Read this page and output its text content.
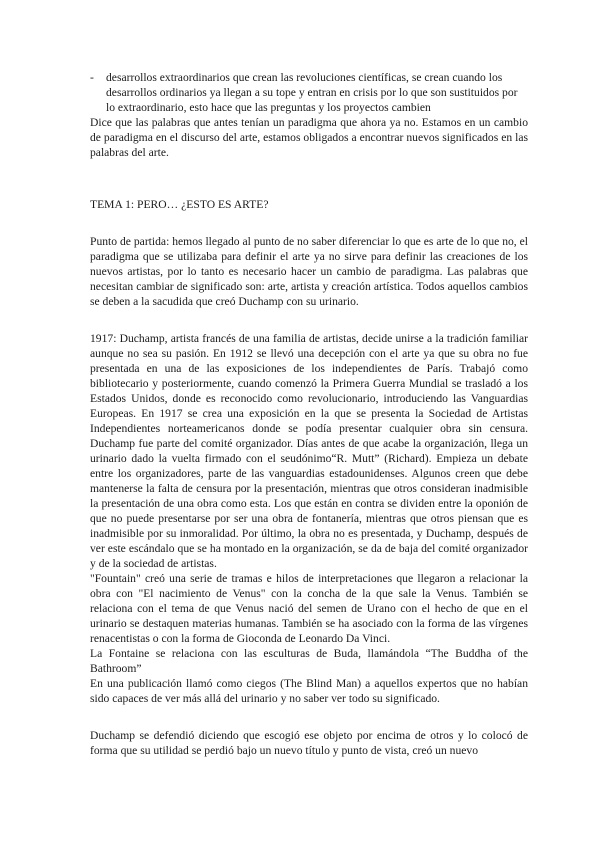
-	desarrollos extraordinarios que crean las revoluciones científicas, se crean cuando los desarrollos ordinarios ya llegan a su tope y entran en crisis por lo que son sustituidos por lo extraordinario, esto hace que las preguntas y los proyectos cambien

Dice que las palabras que antes tenían un paradigma que ahora ya no. Estamos en un cambio de paradigma en el discurso del arte, estamos obligados a encontrar nuevos significados en las palabras del arte.

TEMA 1: PERO… ¿ESTO ES ARTE?

Punto de partida: hemos llegado al punto de no saber diferenciar lo que es arte de lo que no, el paradigma que se utilizaba para definir el arte ya no sirve para definir las creaciones de los nuevos artistas, por lo tanto es necesario hacer un cambio de paradigma. Las palabras que necesitan cambiar de significado son: arte, artista y creación artística. Todos aquellos cambios se deben a la sacudida que creó Duchamp con su urinario.

1917: Duchamp, artista francés de una familia de artistas, decide unirse a la tradición familiar aunque no sea su pasión. En 1912 se llevó una decepción con el arte ya que su obra no fue presentada en una de las exposiciones de los independientes de París. Trabajó como bibliotecario y posteriormente, cuando comenzó la Primera Guerra Mundial se trasladó a los Estados Unidos, donde es reconocido como revolucionario, introduciendo las Vanguardias Europeas. En 1917 se crea una exposición en la que se presenta la Sociedad de Artistas Independientes norteamericanos donde se podía presentar cualquier obra sin censura. Duchamp fue parte del comité organizador. Días antes de que acabe la organización, llega un urinario dado la vuelta firmado con el seudónimo“R. Mutt” (Richard). Empieza un debate entre los organizadores, parte de las vanguardias estadounidenses. Algunos creen que debe mantenerse la falta de censura por la presentación, mientras que otros consideran inadmisible la presentación de una obra como esta. Los que están en contra se dividen entre la oponión de que no puede presentarse por ser una obra de fontanería, mientras que otros piensan que es inadmisible por su inmoralidad. Por último, la obra no es presentada, y Duchamp, después de ver este escándalo que se ha montado en la organización, se da de baja del comité organizador y de la sociedad de artistas.

"Fountain" creó una serie de tramas e hilos de interpretaciones que llegaron a relacionar la obra con "El nacimiento de Venus" con la concha de la que sale la Venus. También se relaciona con el tema de que Venus nació del semen de Urano con el hecho de que en el urinario se destaquen materias humanas. También se ha asociado con la forma de las vírgenes renacentistas o con la forma de Gioconda de Leonardo Da Vinci.

La Fontaine se relaciona con las esculturas de Buda, llamándola “The Buddha of the Bathroom”

En una publicación llamó como ciegos (The Blind Man) a aquellos expertos que no habían sido capaces de ver más allá del urinario y no saber ver todo su significado.

Duchamp se defendió diciendo que escogió ese objeto por encima de otros y lo colocó de forma que su utilidad se perdió bajo un nuevo título y punto de vista, creó un nuevo
